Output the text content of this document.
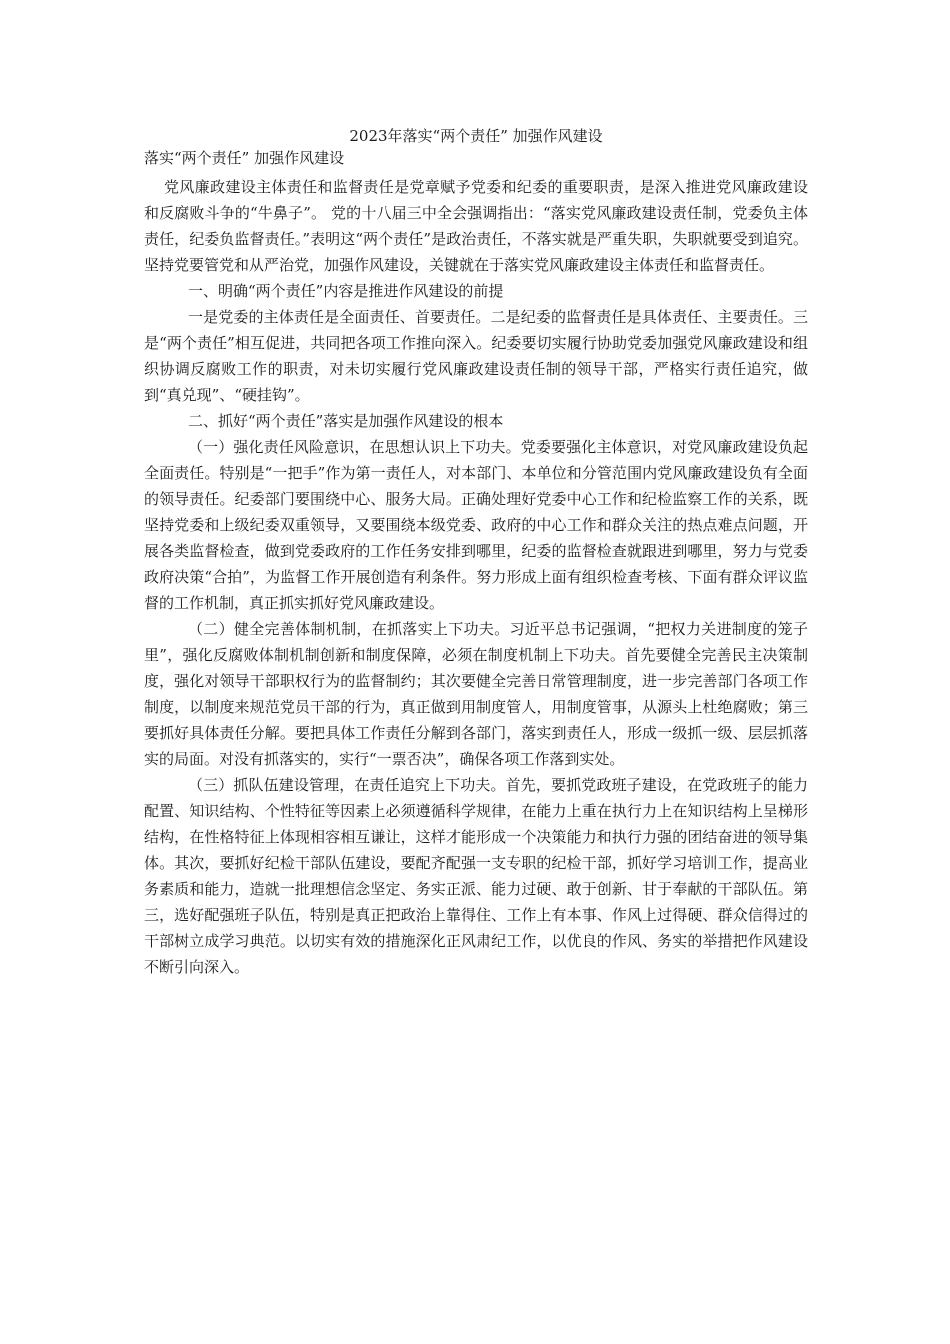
2023年落实“两个责任” 加强作风建设
落实“两个责任” 加强作风建设

党风廉政建设主体责任和监督责任是党章赋予党委和纪委的重要职责，是深入推进党风廉政建设和反腐败斗争的“牛鼻子”。 党的十八届三中全会强调指出：“落实党风廉政建设责任制，党委负主体责任，纪委负监督责任。”表明这“两个责任”是政治责任，不落实就是严重失职，失职就要受到追究。坚持党要管党和从严治党，加强作风建设，关键就在于落实党风廉政建设主体责任和监督责任。

一、明确“两个责任”内容是推进作风建设的前提

一是党委的主体责任是全面责任、首要责任。二是纪委的监督责任是具体责任、主要责任。三是“两个责任”相互促进，共同把各项工作推向深入。纪委要切实履行协助党委加强党风廉政建设和组织协调反腐败工作的职责，对未切实履行党风廉政建设责任制的领导干部，严格实行责任追究，做到“真兑现”、“硬挂钩”。

二、抓好“两个责任”落实是加强作风建设的根本

（一）强化责任风险意识，在思想认识上下功夫。党委要强化主体意识，对党风廉政建设负起全面责任。特别是“一把手”作为第一责任人，对本部门、本单位和分管范围内党风廉政建设负有全面的领导责任。纪委部门要围绕中心、服务大局。正确处理好党委中心工作和纪检监察工作的关系，既坚持党委和上级纪委双重领导，又要围绕本级党委、政府的中心工作和群众关注的热点难点问题，开展各类监督检查，做到党委政府的工作任务安排到哪里，纪委的监督检查就跟进到哪里，努力与党委政府决策“合拍”，为监督工作开展创造有利条件。努力形成上面有组织检查考核、下面有群众评议监督的工作机制，真正抓实抓好党风廉政建设。

（二）健全完善体制机制，在抓落实上下功夫。习近平总书记强调，“把权力关进制度的笼子里”，强化反腐败体制机制创新和制度保障，必须在制度机制上下功夫。首先要健全完善民主决策制度，强化对领导干部职权行为的监督制约；其次要健全完善日常管理制度，进一步完善部门各项工作制度，以制度来规范党员干部的行为，真正做到用制度管人，用制度管事，从源头上杜绝腐败；第三要抓好具体责任分解。要把具体工作责任分解到各部门，落实到责任人，形成一级抓一级、层层抓落实的局面。对没有抓落实的，实行“一票否决”，确保各项工作落到实处。

（三）抓队伍建设管理，在责任追究上下功夫。首先，要抓党政班子建设，在党政班子的能力配置、知识结构、个性特征等因素上必须遵循科学规律，在能力上重在执行力上在知识结构上呈梯形结构，在性格特征上体现相容相互谦让，这样才能形成一个决策能力和执行力强的团结奋进的领导集体。其次，要抓好纪检干部队伍建设，要配齐配强一支专职的纪检干部，抓好学习培训工作，提高业务素质和能力，造就一批理想信念坚定、务实正派、能力过硬、敢于创新、甘于奉献的干部队伍。第三，选好配强班子队伍，特别是真正把政治上靠得住、工作上有本事、作风上过得硬、群众信得过的干部树立成学习典范。以切实有效的措施深化正风肃纪工作，以优良的作风、务实的举措把作风建设不断引向深入。
